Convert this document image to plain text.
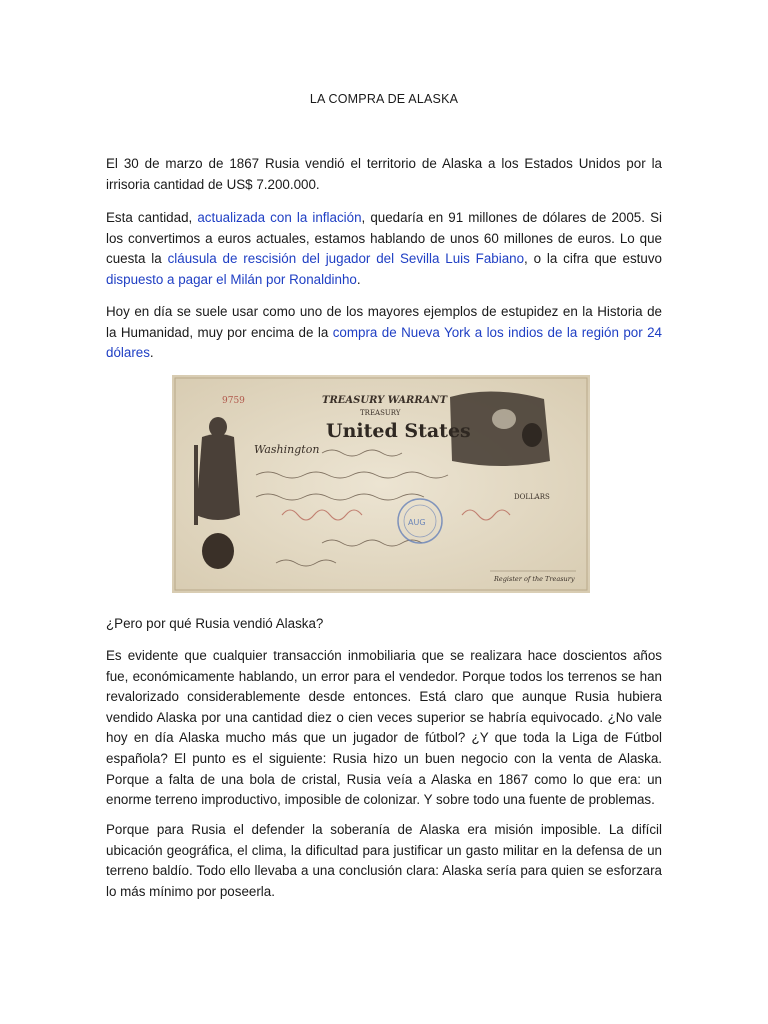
LA COMPRA DE ALASKA

El 30 de marzo de 1867 Rusia vendió el territorio de Alaska a los Estados Unidos por la irrisoria cantidad de US$ 7.200.000.

Esta cantidad, actualizada con la inflación, quedaría en 91 millones de dólares de 2005. Si los convertimos a euros actuales, estamos hablando de unos 60 millones de euros. Lo que cuesta la cláusula de rescisión del jugador del Sevilla Luis Fabiano, o la cifra que estuvo dispuesto a pagar el Milán por Ronaldinho.

Hoy en día se suele usar como uno de los mayores ejemplos de estupidez en la Historia de la Humanidad, muy por encima de la compra de Nueva York a los indios de la región por 24 dólares.

TREASURY WARRANT
TREASURY
United States
9759
Washington
DOLLARS
AUG
Register of the Treasury

¿Pero por qué Rusia vendió Alaska?

Es evidente que cualquier transacción inmobiliaria que se realizara hace doscientos años fue, económicamente hablando, un error para el vendedor. Porque todos los terrenos se han revalorizado considerablemente desde entonces. Está claro que aunque Rusia hubiera vendido Alaska por una cantidad diez o cien veces superior se habría equivocado. ¿No vale hoy en día Alaska mucho más que un jugador de fútbol? ¿Y que toda la Liga de Fútbol española? El punto es el siguiente: Rusia hizo un buen negocio con la venta de Alaska. Porque a falta de una bola de cristal, Rusia veía a Alaska en 1867 como lo que era: un enorme terreno improductivo, imposible de colonizar. Y sobre todo una fuente de problemas.

Porque para Rusia el defender la soberanía de Alaska era misión imposible. La difícil ubicación geográfica, el clima, la dificultad para justificar un gasto militar en la defensa de un terreno baldío. Todo ello llevaba a una conclusión clara: Alaska sería para quien se esforzara lo más mínimo por poseerla.
